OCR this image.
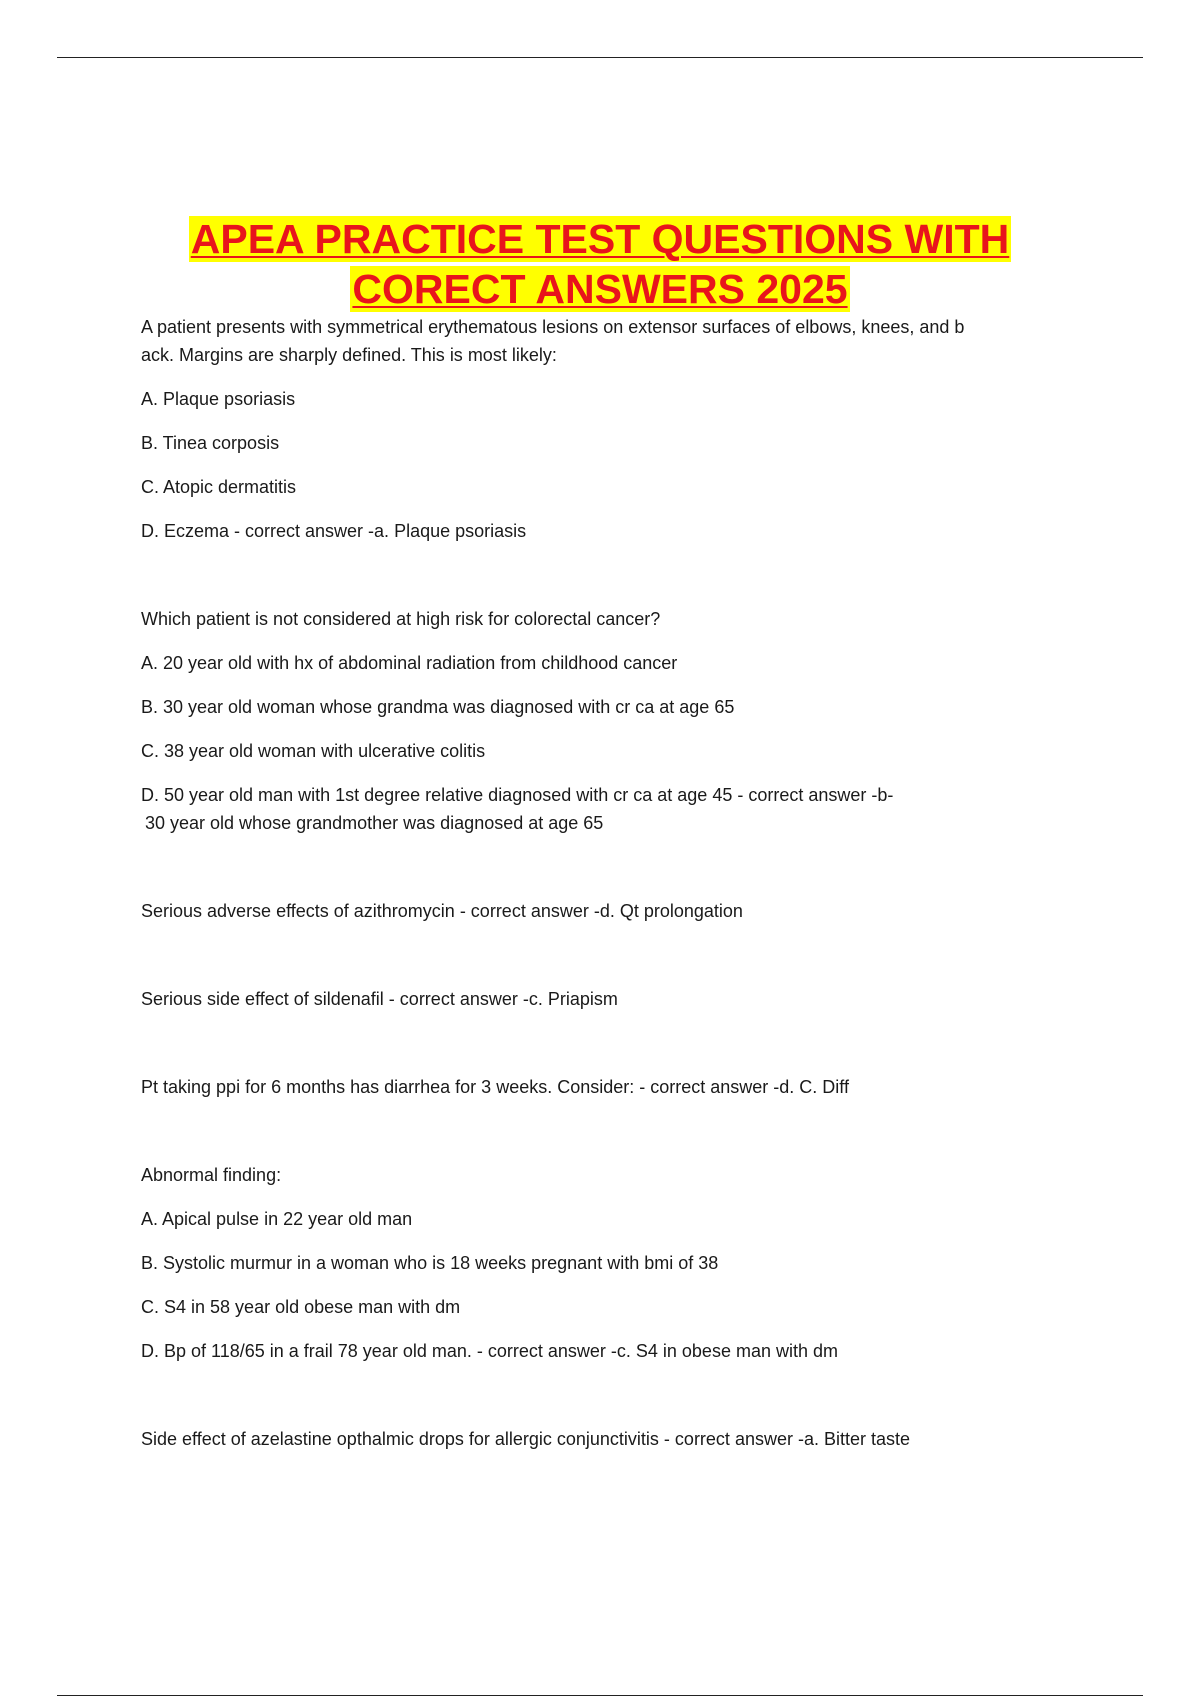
APEA PRACTICE TEST QUESTIONS WITH
CORECT ANSWERS 2025

A patient presents with symmetrical erythematous lesions on extensor surfaces of elbows, knees, and b
ack. Margins are sharply defined. This is most likely:

A. Plaque psoriasis

B. Tinea corposis

C. Atopic dermatitis

D. Eczema - correct answer -a. Plaque psoriasis

Which patient is not considered at high risk for colorectal cancer?

A. 20 year old with hx of abdominal radiation from childhood cancer

B. 30 year old woman whose grandma was diagnosed with cr ca at age 65

C. 38 year old woman with ulcerative colitis

D. 50 year old man with 1st degree relative diagnosed with cr ca at age 45 - correct answer -b-
30 year old whose grandmother was diagnosed at age 65

Serious adverse effects of azithromycin - correct answer -d. Qt prolongation

Serious side effect of sildenafil - correct answer -c. Priapism

Pt taking ppi for 6 months has diarrhea for 3 weeks. Consider: - correct answer -d. C. Diff

Abnormal finding:

A. Apical pulse in 22 year old man

B. Systolic murmur in a woman who is 18 weeks pregnant with bmi of 38

C. S4 in 58 year old obese man with dm

D. Bp of 118/65 in a frail 78 year old man. - correct answer -c. S4 in obese man with dm

Side effect of azelastine opthalmic drops for allergic conjunctivitis - correct answer -a. Bitter taste
